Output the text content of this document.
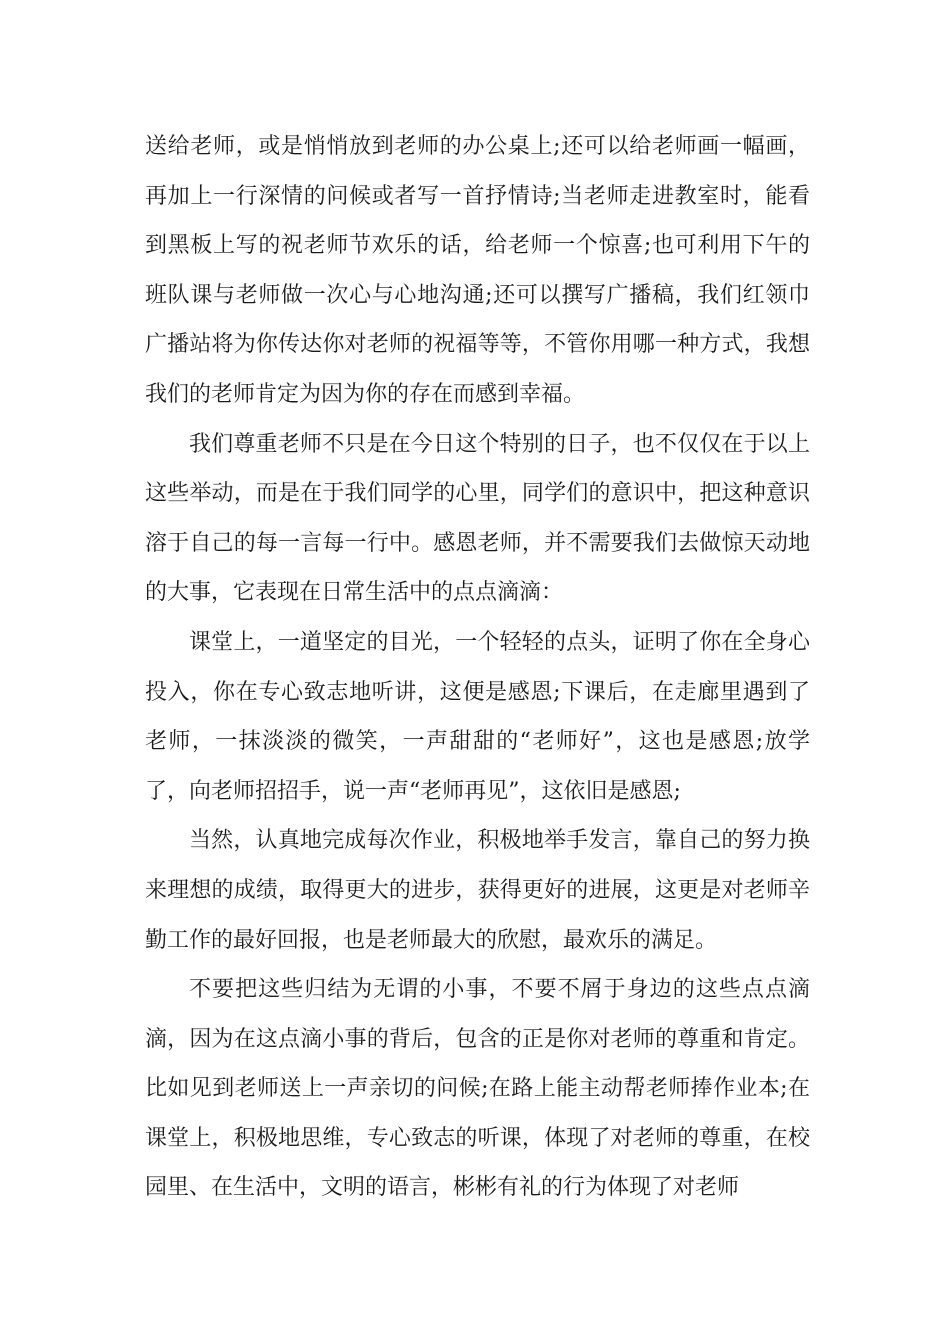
送给老师，或是悄悄放到老师的办公桌上;还可以给老师画一幅画，再加上一行深情的问候或者写一首抒情诗;当老师走进教室时，能看到黑板上写的祝老师节欢乐的话，给老师一个惊喜;也可利用下午的班队课与老师做一次心与心地沟通;还可以撰写广播稿，我们红领巾广播站将为你传达你对老师的祝福等等，不管你用哪一种方式，我想我们的老师肯定为因为你的存在而感到幸福。

我们尊重老师不只是在今日这个特别的日子，也不仅仅在于以上这些举动，而是在于我们同学的心里，同学们的意识中，把这种意识溶于自己的每一言每一行中。感恩老师，并不需要我们去做惊天动地的大事，它表现在日常生活中的点点滴滴：

课堂上，一道坚定的目光，一个轻轻的点头，证明了你在全身心投入，你在专心致志地听讲，这便是感恩;下课后，在走廊里遇到了老师，一抹淡淡的微笑，一声甜甜的“老师好”，这也是感恩;放学了，向老师招招手，说一声“老师再见”，这依旧是感恩;

当然，认真地完成每次作业，积极地举手发言，靠自己的努力换来理想的成绩，取得更大的进步，获得更好的进展，这更是对老师辛勤工作的最好回报，也是老师最大的欣慰，最欢乐的满足。

不要把这些归结为无谓的小事，不要不屑于身边的这些点点滴滴，因为在这点滴小事的背后，包含的正是你对老师的尊重和肯定。比如见到老师送上一声亲切的问候;在路上能主动帮老师捧作业本;在课堂上，积极地思维，专心致志的听课，体现了对老师的尊重，在校园里、在生活中，文明的语言，彬彬有礼的行为体现了对老师
